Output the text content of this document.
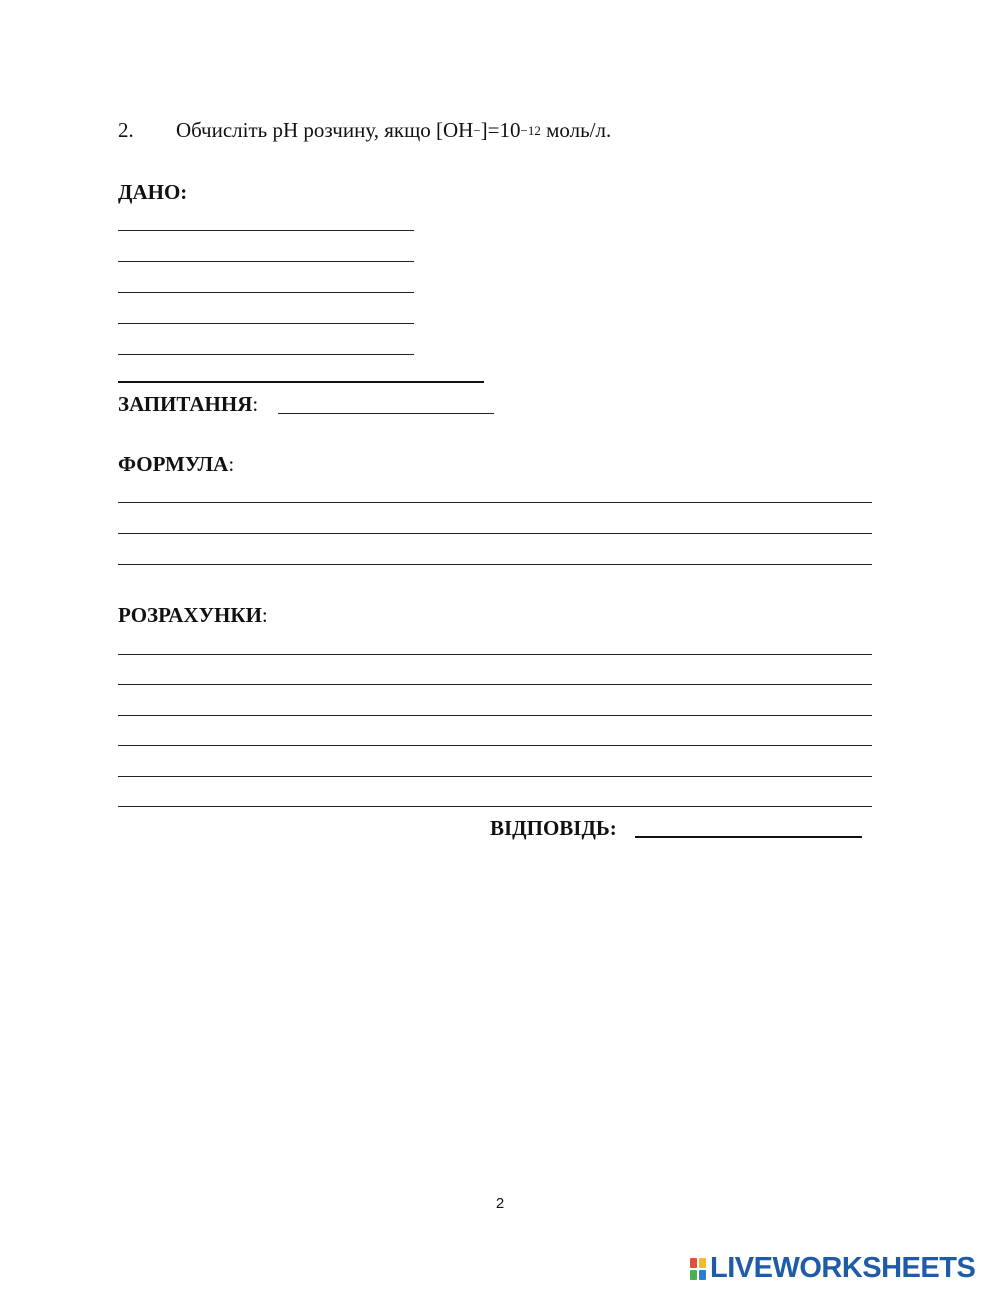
2. Обчисліть pH розчину, якщо $[OH^-]=10^{-12}$ моль/л.
ДАНО:
ЗАПИТАННЯ:
ФОРМУЛА:
РОЗРАХУНКИ:
ВІДПОВІДЬ:
2
LIVEWORKSHEETS
